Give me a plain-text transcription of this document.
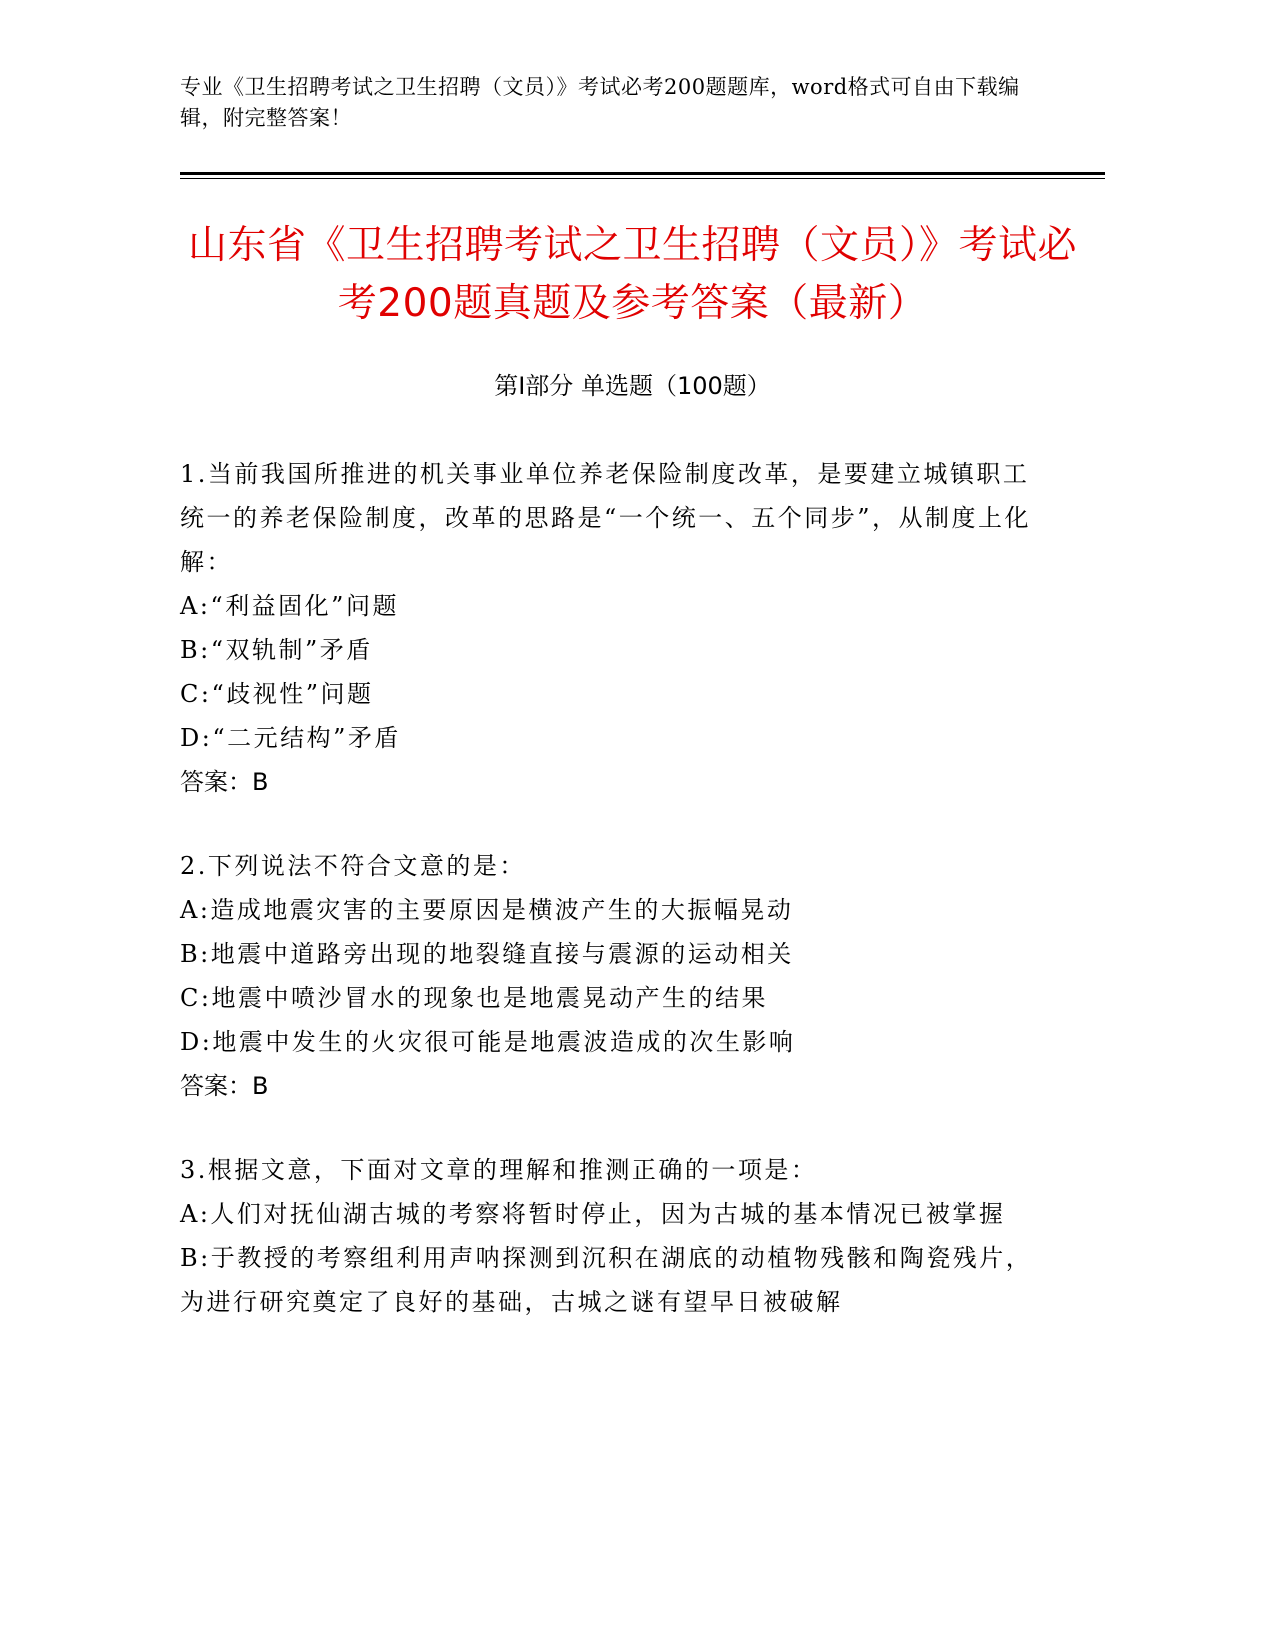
专业《卫生招聘考试之卫生招聘（文员）》考试必考200题题库，word格式可自由下载编辑，附完整答案！
山东省《卫生招聘考试之卫生招聘（文员）》考试必考200题真题及参考答案（最新）
第I部分 单选题（100题）
1.当前我国所推进的机关事业单位养老保险制度改革，是要建立城镇职工统一的养老保险制度，改革的思路是“一个统一、五个同步”，从制度上化解：
A:“利益固化”问题
B:“双轨制”矛盾
C:“歧视性”问题
D:“二元结构”矛盾
答案：B
2.下列说法不符合文意的是：
A:造成地震灾害的主要原因是横波产生的大振幅晃动
B:地震中道路旁出现的地裂缝直接与震源的运动相关
C:地震中喷沙冒水的现象也是地震晃动产生的结果
D:地震中发生的火灾很可能是地震波造成的次生影响
答案：B
3.根据文意，下面对文章的理解和推测正确的一项是：
A:人们对抚仙湖古城的考察将暂时停止，因为古城的基本情况已被掌握
B:于教授的考察组利用声呐探测到沉积在湖底的动植物残骸和陶瓷残片，为进行研究奠定了良好的基础，古城之谜有望早日被破解
